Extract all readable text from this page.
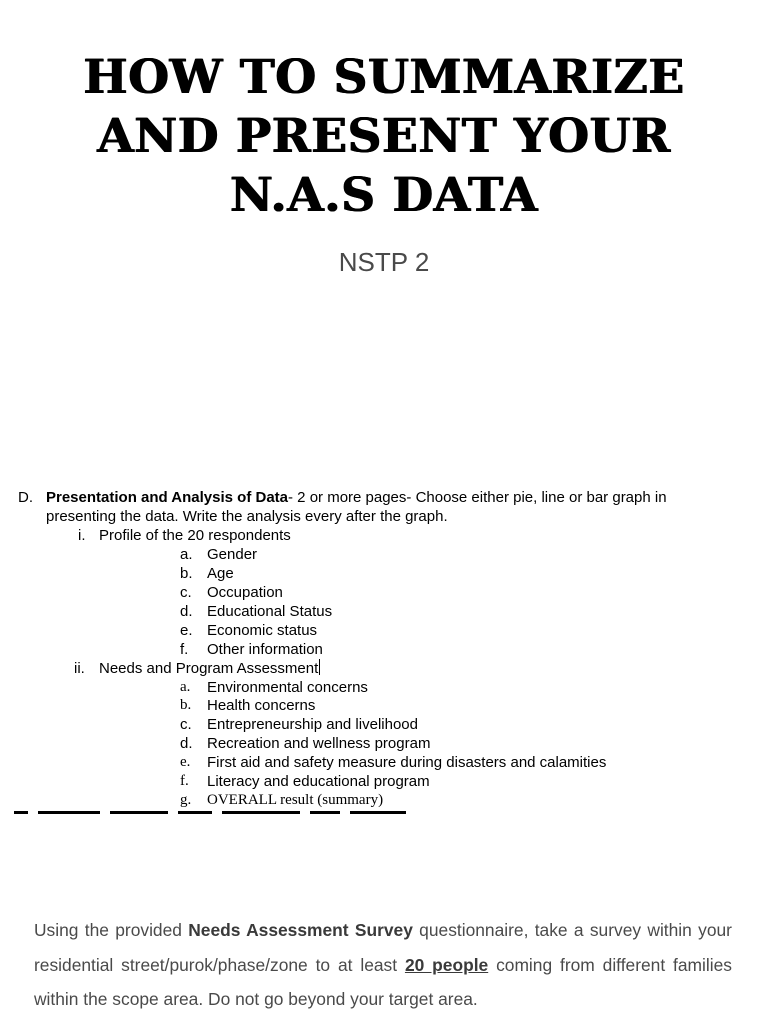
HOW TO SUMMARIZE
AND PRESENT YOUR
N.A.S DATA
NSTP 2
D. Presentation and Analysis of Data- 2 or more pages- Choose either pie, line or bar graph in
presenting the data. Write the analysis every after the graph.
i. Profile of the 20 respondents
a. Gender
b. Age
c. Occupation
d. Educational Status
e. Economic status
f. Other information
ii. Needs and Program Assessment
a. Environmental concerns
b. Health concerns
c. Entrepreneurship and livelihood
d. Recreation and wellness program
e. First aid and safety measure during disasters and calamities
f. Literacy and educational program
g. OVERALL result (summary)

Using the provided Needs Assessment Survey questionnaire, take a survey within your residential street/purok/phase/zone to at least 20 people coming from different families within the scope area. Do not go beyond your target area.
